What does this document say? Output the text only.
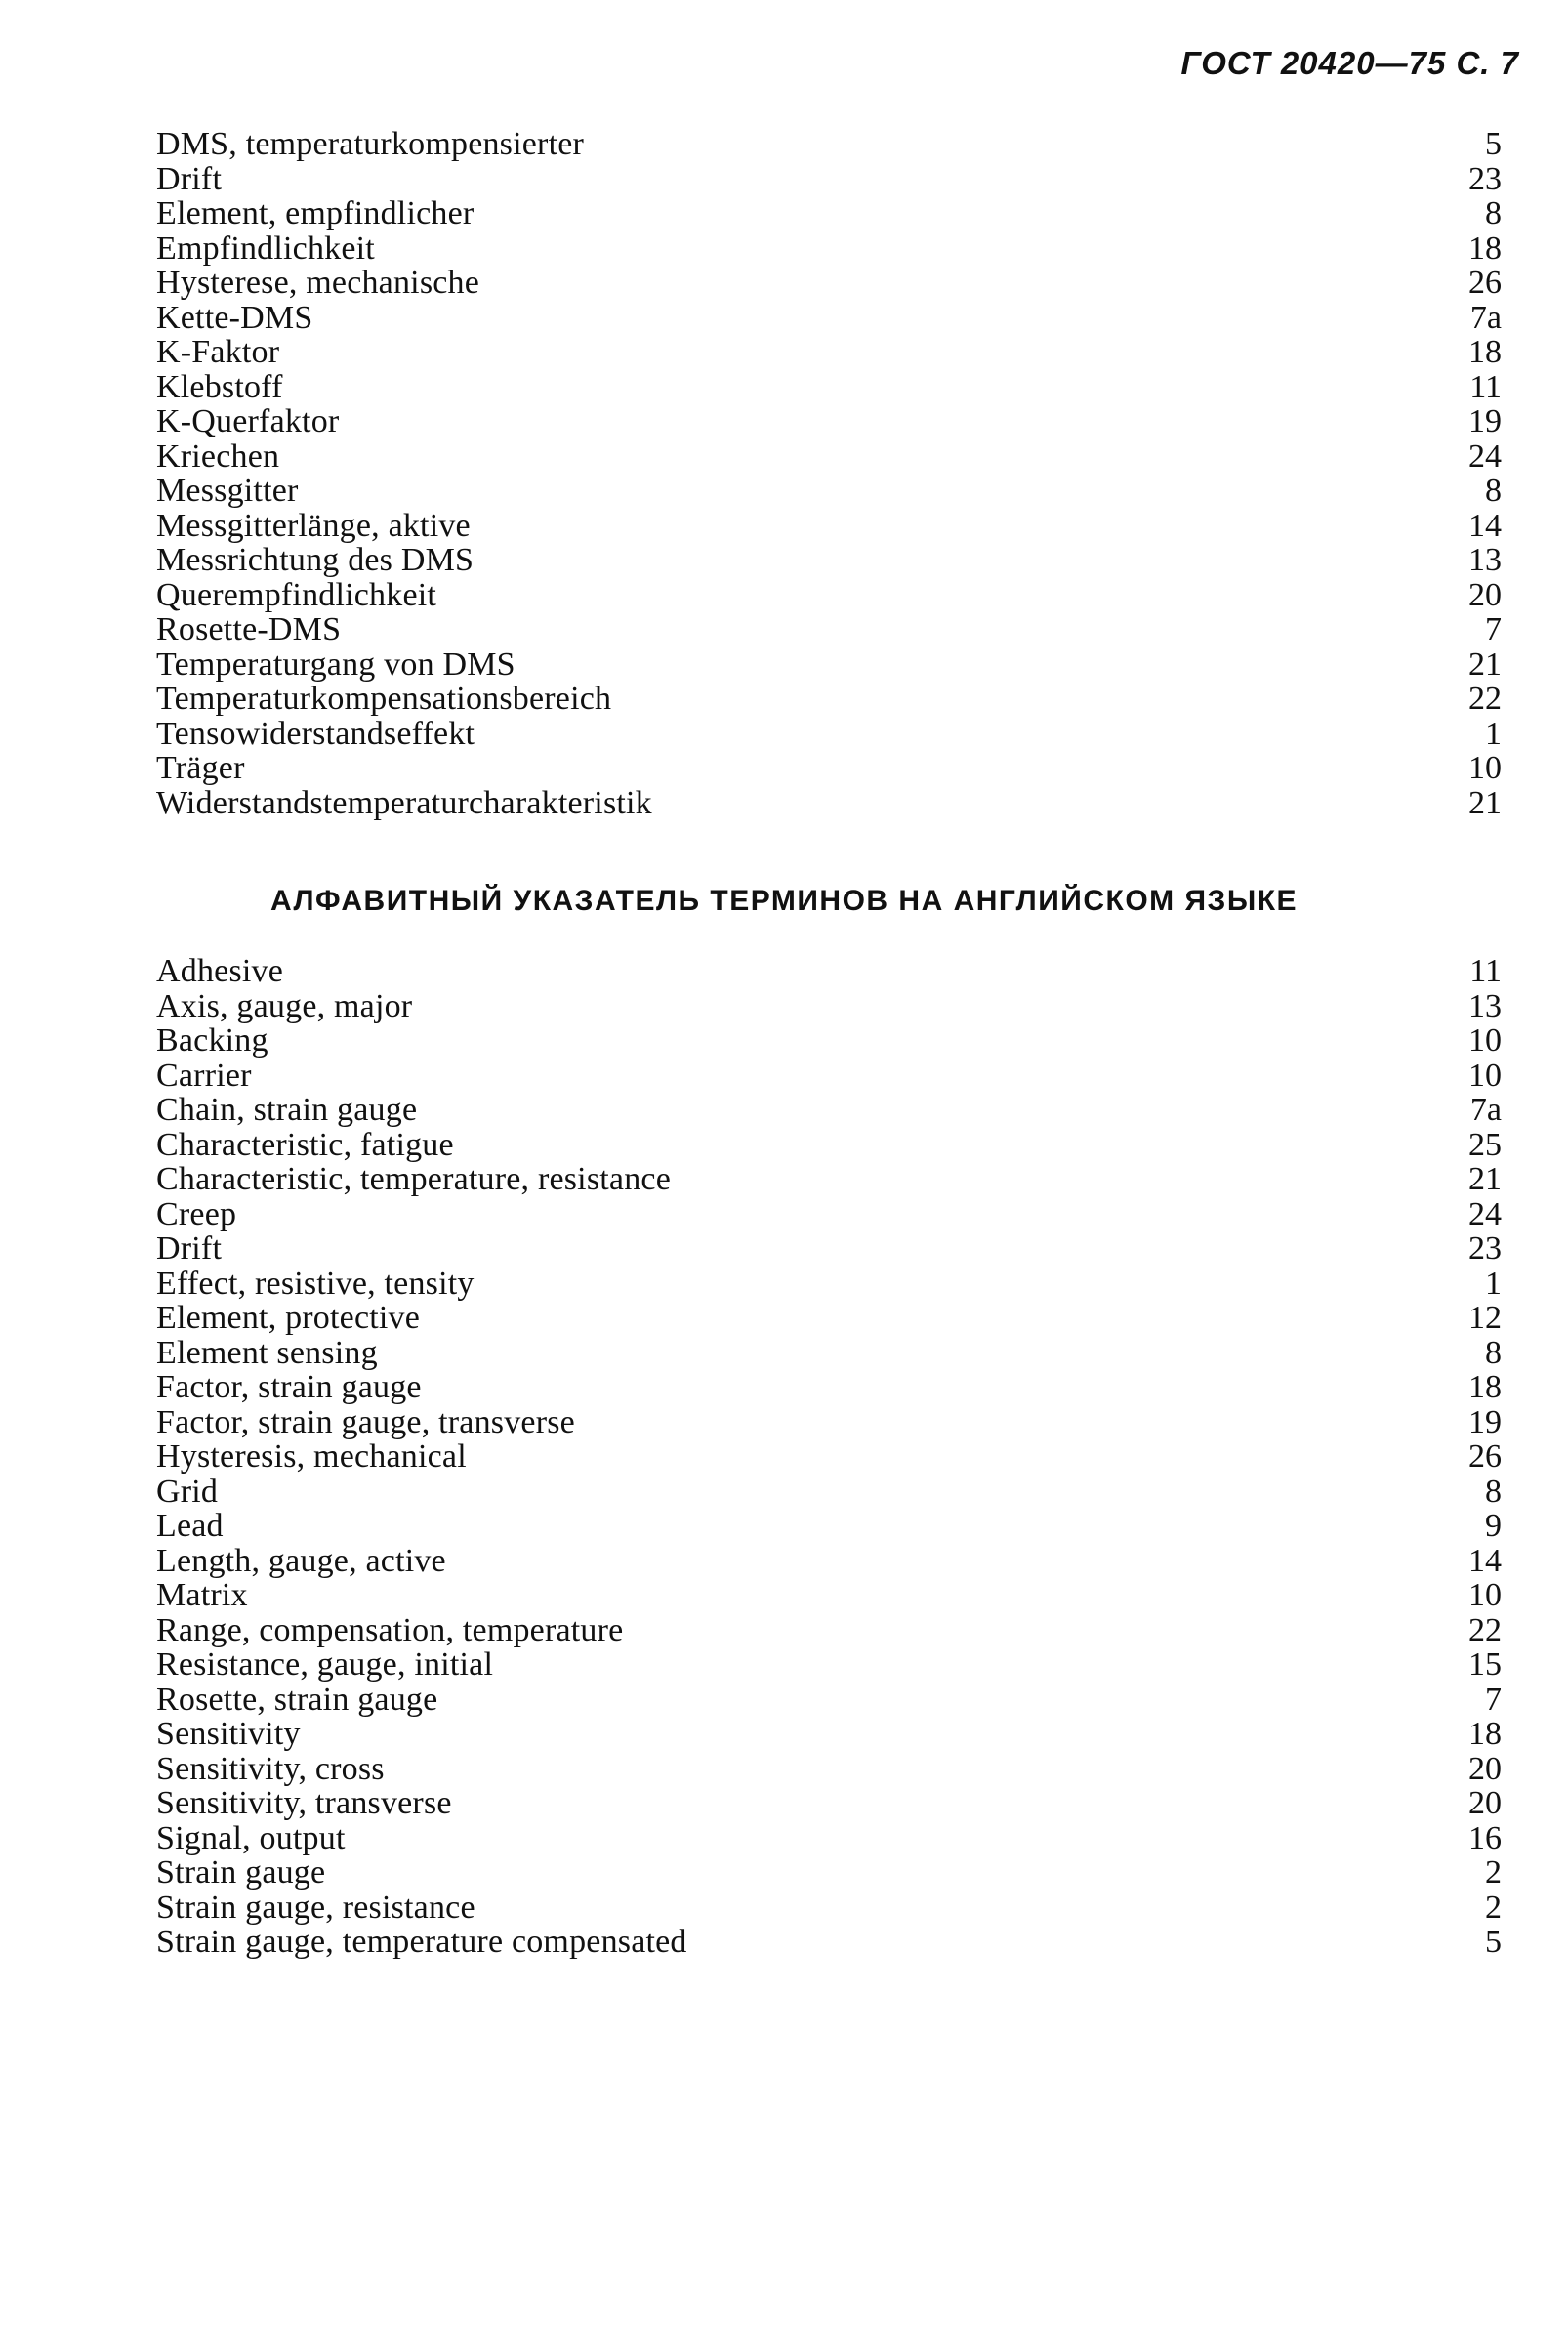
ГОСТ 20420—75 С. 7
DMS, temperaturkompensierter	5
Drift	23
Element, empfindlicher	8
Empfindlichkeit	18
Hysterese, mechanische	26
Kette-DMS	7a
K-Faktor	18
Klebstoff	11
K-Querfaktor	19
Kriechen	24
Messgitter	8
Messgitterlänge, aktive	14
Messrichtung des DMS	13
Querempfindlichkeit	20
Rosette-DMS	7
Temperaturgang von DMS	21
Temperaturkompensationsbereich	22
Tensowiderstandseffekt	1
Träger	10
Widerstandstemperaturcharakteristik	21
АЛФАВИТНЫЙ УКАЗАТЕЛЬ ТЕРМИНОВ НА АНГЛИЙСКОМ ЯЗЫКЕ
Adhesive	11
Axis, gauge, major	13
Backing	10
Carrier	10
Chain, strain gauge	7a
Characteristic, fatigue	25
Characteristic, temperature, resistance	21
Creep	24
Drift	23
Effect, resistive, tensity	1
Element, protective	12
Element sensing	8
Factor, strain gauge	18
Factor, strain gauge, transverse	19
Hysteresis, mechanical	26
Grid	8
Lead	9
Length, gauge, active	14
Matrix	10
Range, compensation, temperature	22
Resistance, gauge, initial	15
Rosette, strain gauge	7
Sensitivity	18
Sensitivity, cross	20
Sensitivity, transverse	20
Signal, output	16
Strain gauge	2
Strain gauge, resistance	2
Strain gauge, temperature compensated	5
